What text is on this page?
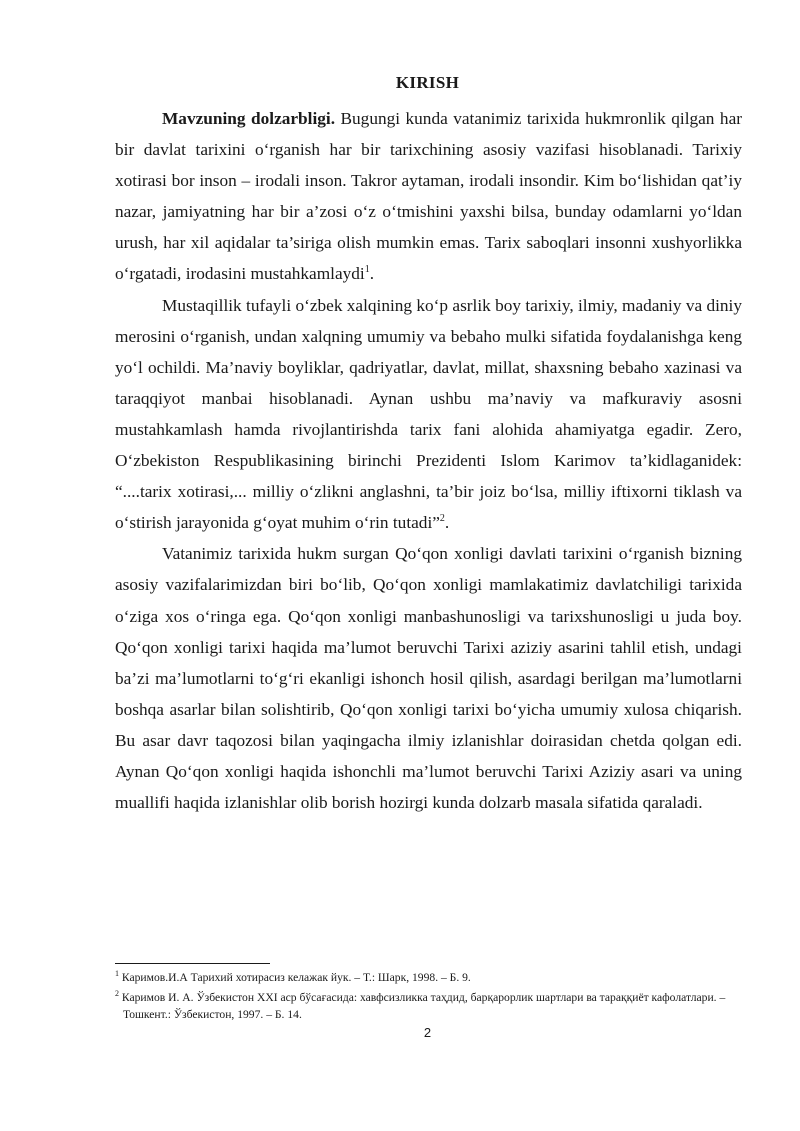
KIRISH

Mavzuning dolzarbligi. Bugungi kunda vatanimiz tarixida hukmronlik qilgan har bir davlat tarixini o‘rganish har bir tarixchining asosiy vazifasi hisoblanadi. Tarixiy xotirasi bor inson – irodali inson. Takror aytaman, irodali insondir. Kim bo‘lishidan qat’iy nazar, jamiyatning har bir a’zosi o‘z o‘tmishini yaxshi bilsa, bunday odamlarni yo‘ldan urush, har xil aqidalar ta’siriga olish mumkin emas. Tarix saboqlari insonni xushyorlikka o‘rgatadi, irodasini mustahkamlaydi$^1$.

Mustaqillik tufayli o‘zbek xalqining ko‘p asrlik boy tarixiy, ilmiy, madaniy va diniy merosini o‘rganish, undan xalqning umumiy va bebaho mulki sifatida foydalanishga keng yo‘l ochildi. Ma’naviy boyliklar, qadriyatlar, davlat, millat, shaxsning bebaho xazinasi va taraqqiyot manbai hisoblanadi. Aynan ushbu ma’naviy va mafkuraviy asosni mustahkamlash hamda rivojlantirishda tarix fani alohida ahamiyatga egadir. Zero, O‘zbekiston Respublikasining birinchi Prezidenti Islom Karimov ta’kidlaganidek: “....tarix xotirasi,... milliy o‘zlikni anglashni, ta’bir joiz bo‘lsa, milliy iftixorni tiklash va o‘stirish jarayonida g‘oyat muhim o‘rin tutadi”$^2$.

Vatanimiz tarixida hukm surgan Qo‘qon xonligi davlati tarixini o‘rganish bizning asosiy vazifalarimizdan biri bo‘lib, Qo‘qon xonligi mamlakatimiz davlatchiligi tarixida o‘ziga xos o‘ringa ega. Qo‘qon xonligi manbashunosligi va tarixshunosligi u juda boy. Qo‘qon xonligi tarixi haqida ma’lumot beruvchi Tarixi aziziy asarini tahlil etish, undagi ba’zi ma’lumotlarni to‘g‘ri ekanligi ishonch hosil qilish, asardagi berilgan ma’lumotlarni boshqa asarlar bilan solishtirib, Qo‘qon xonligi tarixi bo‘yicha umumiy xulosa chiqarish. Bu asar davr taqozosi bilan yaqingacha ilmiy izlanishlar doirasidan chetda qolgan edi. Aynan Qo‘qon xonligi haqida ishonchli ma’lumot beruvchi Tarixi Aziziy asari va uning muallifi haqida izlanishlar olib borish hozirgi kunda dolzarb masala sifatida qaraladi.

$^1$ Каримов.И.А Тарихий хотирасиз келажак йук. – Т.: Шарк, 1998. – Б. 9.

$^2$ Каримов И. А. Ўзбекистон XXI аср бўсағасида: хавфсизликка таҳдид, барқарорлик шартлари ва тараққиёт кафолатлари. – Тошкент.: Ўзбекистон, 1997. – Б. 14.

2
